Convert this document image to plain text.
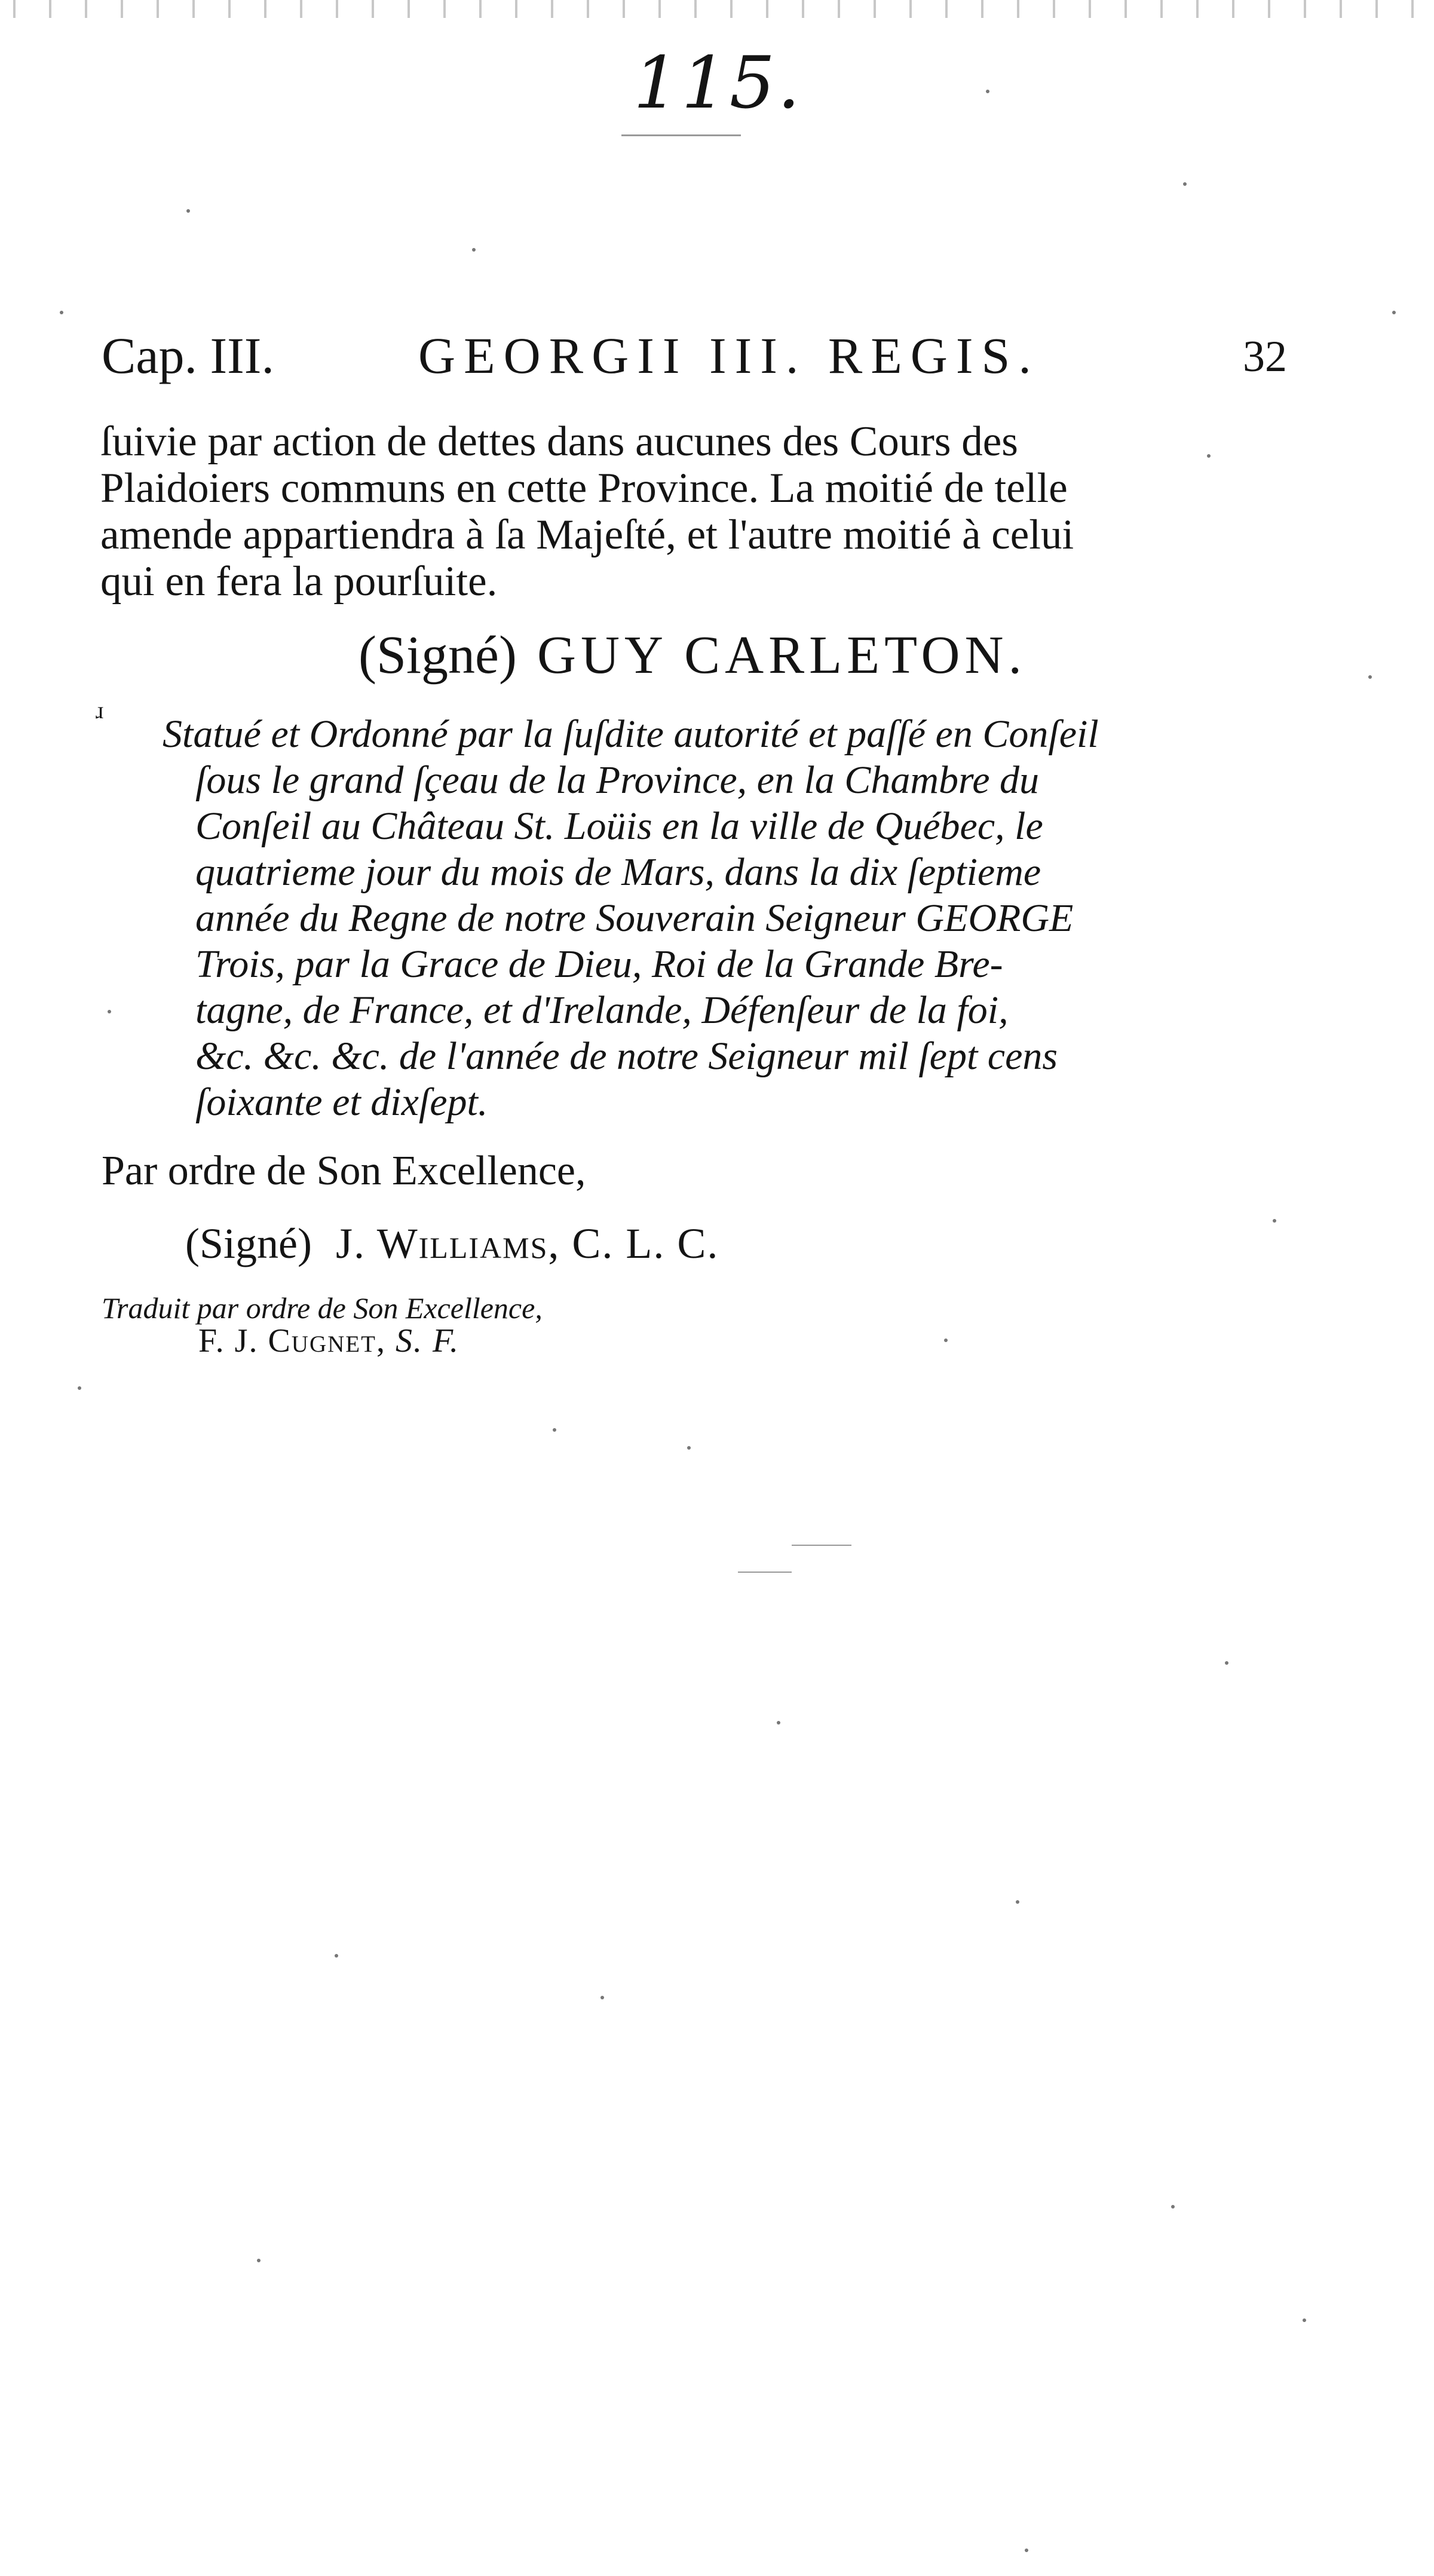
115.
Cap. III.	GEORGII III. REGIS.	32
ſuivie par action de dettes dans aucunes des Cours des
Plaidoiers communs en cette Province. La moitié de telle
amende appartiendra à ſa Majeſté, et l'autre moitié à celui
qui en fera la pourſuite.
(Signé) GUY CARLETON.
ɹ
Statué et Ordonné par la ſuſdite autorité et paſſé en Conſeil
ſous le grand ſçeau de la Province, en la Chambre du
Conſeil au Château St. Loüis en la ville de Québec, le
quatrieme jour du mois de Mars, dans la dix ſeptieme
année du Regne de notre Souverain Seigneur GEORGE
Trois, par la Grace de Dieu, Roi de la Grande Bre-
tagne, de France, et d'Irelande, Défenſeur de la foi,
&c. &c. &c. de l'année de notre Seigneur mil ſept cens
ſoixante et dixſept.
Par ordre de Son Excellence,
(Signé) J. Williams, C. L. C.
Traduit par ordre de Son Excellence,
F. J. Cugnet, S. F.
